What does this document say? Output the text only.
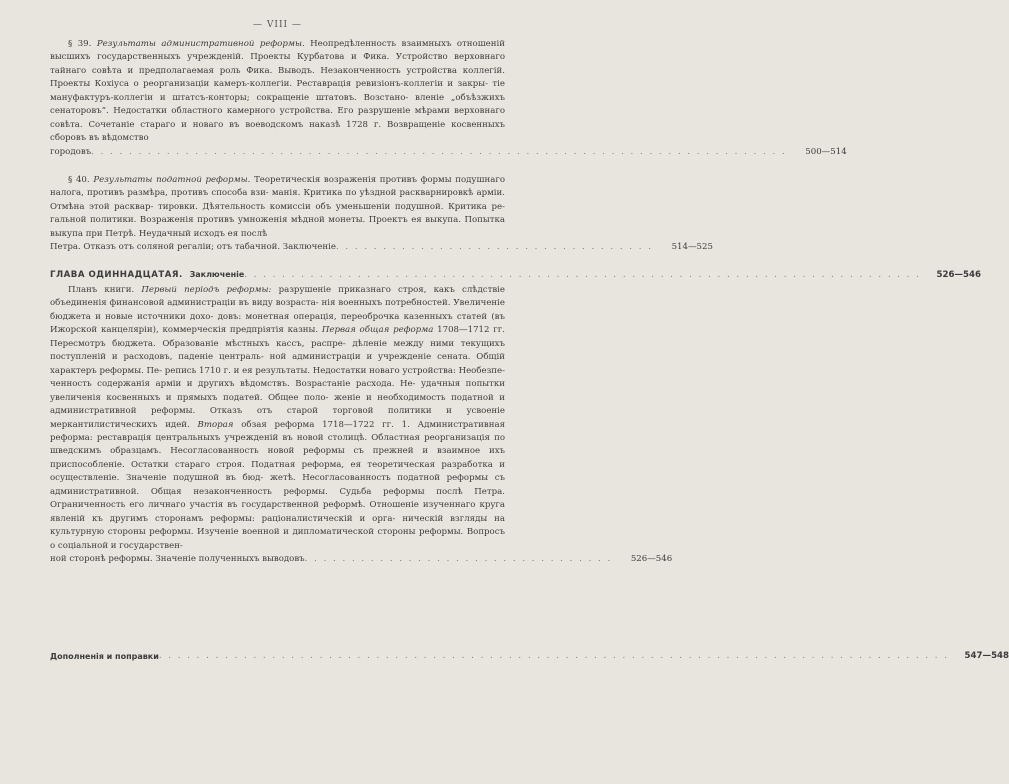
— VIII —

§ 39. Результаты административной реформы. Неопредѣленность взаимныхъ отношеній высшихъ государственныхъ учрежденій. Проекты Курбатова и Фика. Устройство верховнаго тайнаго совѣта и предполагаемая роль Фика. Выводъ. Незаконченность устройства коллегій. Проекты Кохіуса о реорганизаціи камеръ-коллегіи. Реставрація ревизіонъ-коллегіи и закры- тіе мануфактуръ-коллегіи и штатсъ-конторы; сокращеніе штатовъ. Возстано- вленіе „объѣзжихъ сенаторовъ“. Недостатки областного камерного устройства. Его разрушеніе мѣрами верховнаго совѣта. Сочетаніе стараго и новаго въ воеводскомъ наказѣ 1728 г. Возвращеніе косвенныхъ сборовъ въ вѣдомство

городовъ . . . . . . . . . . . . . . . . . . . . . . . . . . . . . . . . . . . . . . . . . . . . . . . . . . . . . . . . . . . . . . . . . . . . . . . . . .	500—514

§ 40. Результаты податной реформы. Теоретическія возраженія противъ формы подушнаго налога, противъ размѣра, противъ способа взи- манія. Критика по уѣздной раскварнировкѣ арміи. Отмѣна этой расквар- тировки. Дѣятельность комиссіи объ уменьшеніи подушной. Критика ре- гальной политики. Возраженія противъ умноженія мѣдной монеты. Проектъ ея выкупа. Попытка выкупа при Петрѣ. Неудачный исходъ ея послѣ

Петра. Отказъ отъ соляной регаліи; отъ табачной. Заключеніе . . . . . . . . . . . . . . . . . . . . . . . . . . . . . . . . . .	514—525
ГЛАВА ОДИННАДЦАТАЯ. Заключеніе . . . . . . . . . . . . . . . . . . . . . . . . . . . . . . . . . . . . . . . . . . . . . . . . . . . . . . . . . . . . . . . . . . . . . . . .	526—546

Планъ книги. Первый періодъ реформы: разрушеніе приказнаго строя, какъ слѣдствіе объединенія финансовой администраціи въ виду возраста- нія военныхъ потребностей. Увеличеніе бюджета и новые источники дохо- довъ: монетная операція, переоброчка казенныхъ статей (въ Ижорской канцеляріи), коммерческія предпріятія казны. Первая общая реформа 1708—1712 гг. Пересмотръ бюджета. Образованіе мѣстныхъ кассъ, распре- дѣленіе между ними текущихъ поступленій и расходовъ, паденіе централь- ной администраціи и учрежденіе сената. Общій характеръ реформы. Пе- репись 1710 г. и ея результаты. Недостатки новаго устройства: Необезпе- ченность содержанія арміи и другихъ вѣдомствъ. Возрастаніе расхода. Не- удачныя попытки увеличенія косвенныхъ и прямыхъ податей. Общее поло- женіе и необходимость податной и административной реформы. Отказъ отъ старой торговой политики и усвоеніе меркантилистическихъ идей. Вторая обзая реформа 1718—1722 гг. 1. Административная реформа: реставрація центральныхъ учрежденій въ новой столицѣ. Областная реорганизація по шведскимъ образцамъ. Несогласованность новой реформы съ прежней и взаимное ихъ приспособленіе. Остатки стараго строя. Податная реформа, ея теоретическая разработка и осуществленіе. Значеніе подушной въ бюд- жетѣ. Несогласованность податной реформы съ административной. Общая незаконченность реформы. Судьба реформы послѣ Петра. Ограниченность его личнаго участія въ государственной реформѣ. Отношеніе изученнаго круга явленій къ другимъ сторонамъ реформы: раціоналистическій и орга- ническій взгляды на культурную стороны реформы. Изученіе военной и дипломатической стороны реформы. Вопросъ о соціальной и государствен-

ной сторонѣ реформы. Значеніе полученныхъ выводовъ . . . . . . . . . . . . . . . . . . . . . . . . . . . . . . . . .	526—546
Дополненія и поправки . . . . . . . . . . . . . . . . . . . . . . . . . . . . . . . . . . . . . . . . . . . . . . . . . . . . . . . . . . . . . . . . . . . . . . . . . . . . . . . . . . . .	547—548
